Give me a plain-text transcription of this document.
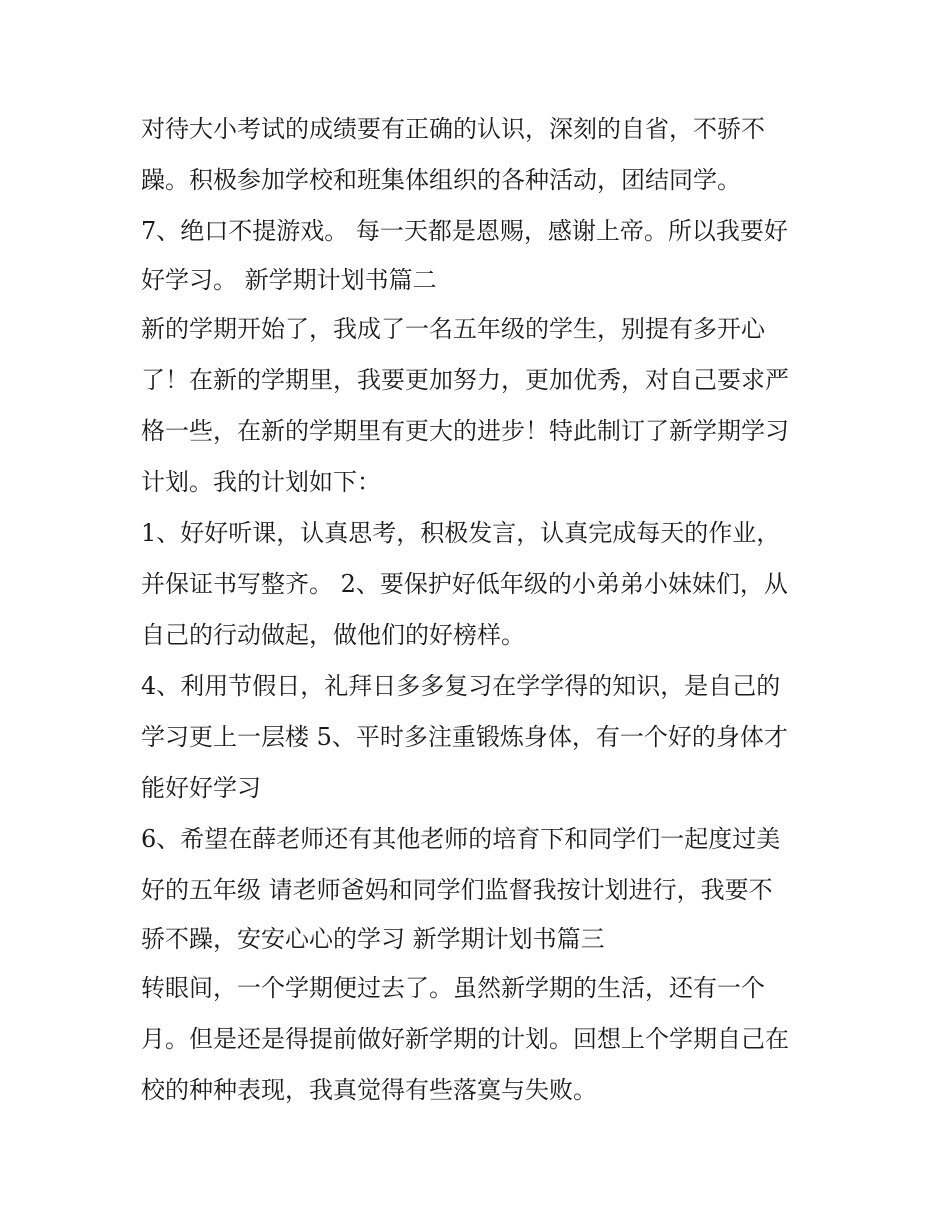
对待大小考试的成绩要有正确的认识，深刻的自省，不骄不
躁。积极参加学校和班集体组织的各种活动，团结同学。
7、绝口不提游戏。 每一天都是恩赐，感谢上帝。所以我要好
好学习。 新学期计划书篇二
新的学期开始了，我成了一名五年级的学生，别提有多开心
了！在新的学期里，我要更加努力，更加优秀，对自己要求严
格一些，在新的学期里有更大的进步！特此制订了新学期学习
计划。我的计划如下：
1、好好听课，认真思考，积极发言，认真完成每天的作业，
并保证书写整齐。 2、要保护好低年级的小弟弟小妹妹们，从
自己的行动做起，做他们的好榜样。
4、利用节假日，礼拜日多多复习在学学得的知识，是自己的
学习更上一层楼 5、平时多注重锻炼身体，有一个好的身体才
能好好学习
6、希望在薛老师还有其他老师的培育下和同学们一起度过美
好的五年级 请老师爸妈和同学们监督我按计划进行，我要不
骄不躁，安安心心的学习 新学期计划书篇三
转眼间，一个学期便过去了。虽然新学期的生活，还有一个
月。但是还是得提前做好新学期的计划。回想上个学期自己在
校的种种表现，我真觉得有些落寞与失败。
